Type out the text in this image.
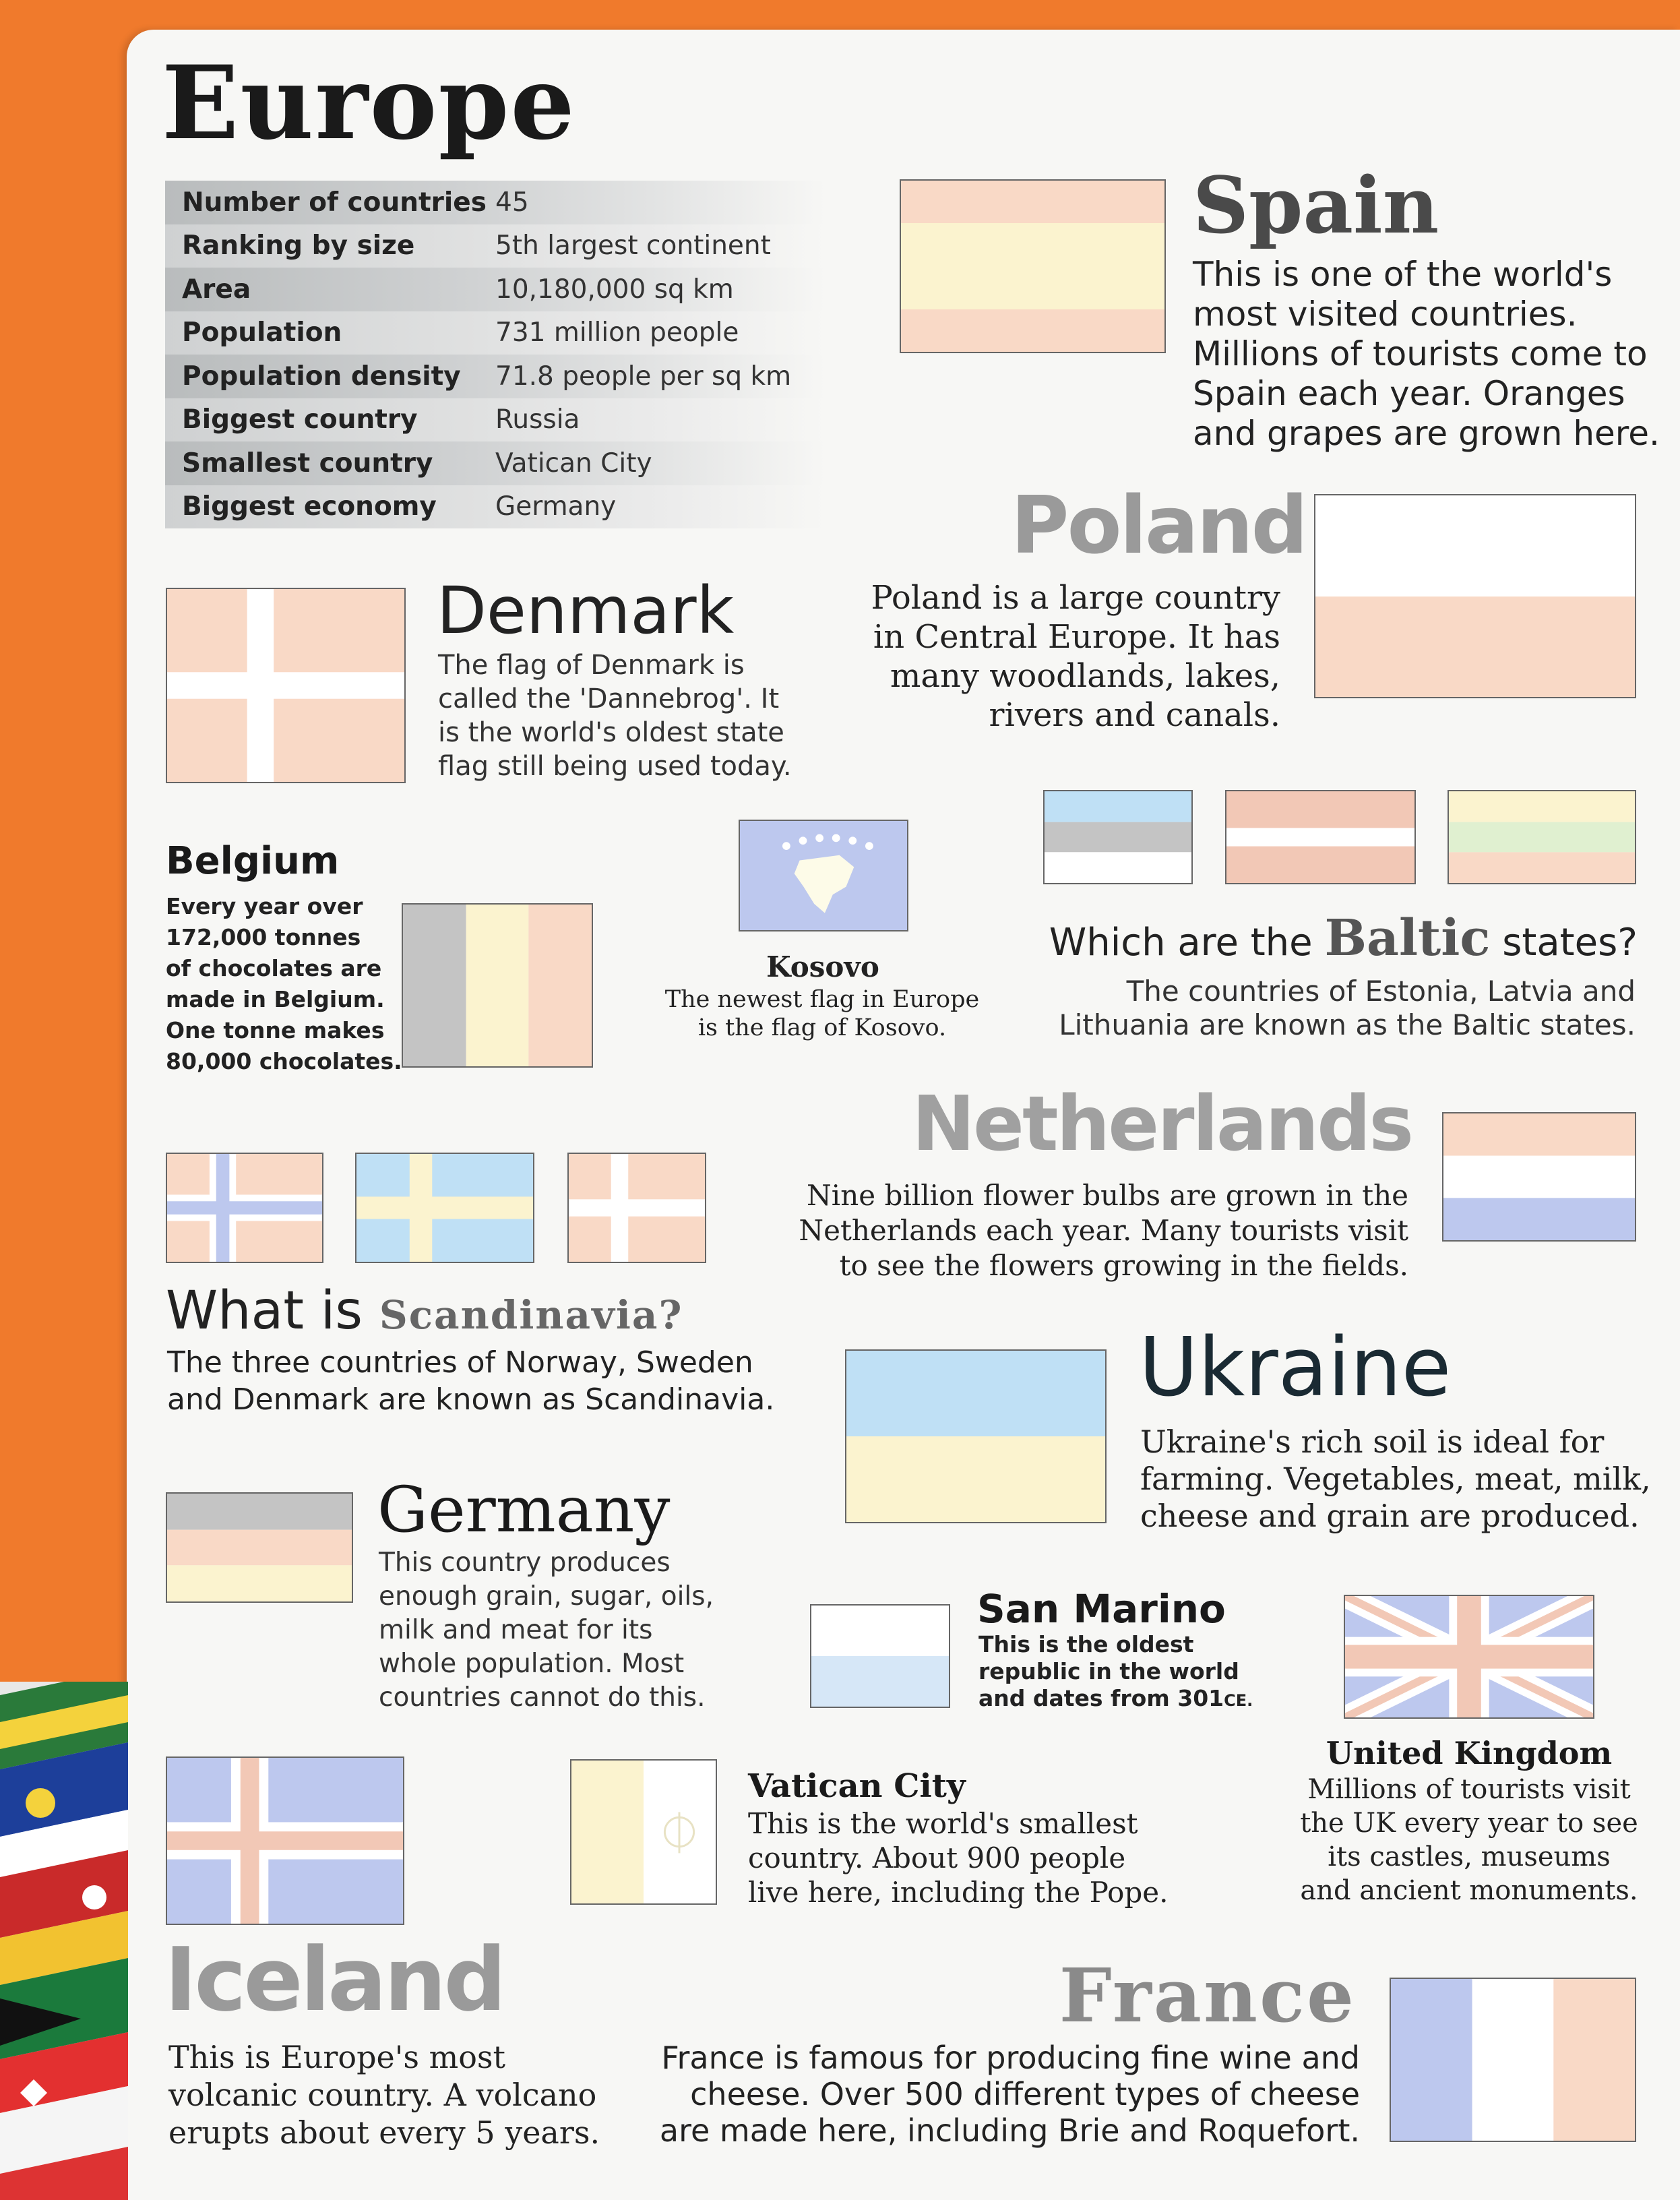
Europe
Number of countries 45
Ranking by size	5th largest continent
Area	10,180,000 sq km
Population	731 million people
Population density	71.8 people per sq km
Biggest country	Russia
Smallest country	Vatican City
Biggest economy	Germany
Spain
This is one of the world's
most visited countries.
Millions of tourists come to
Spain each year. Oranges
and grapes are grown here.
Poland
Poland is a large country
in Central Europe. It has
many woodlands, lakes,
rivers and canals.
Denmark
The flag of Denmark is
called the 'Dannebrog'. It
is the world's oldest state
flag still being used today.
Belgium
Every year over
172,000 tonnes
of chocolates are
made in Belgium.
One tonne makes
80,000 chocolates.
Kosovo
The newest flag in Europe
is the flag of Kosovo.
Which are the Baltic states?
The countries of Estonia, Latvia and
Lithuania are known as the Baltic states.
Netherlands
Nine billion flower bulbs are grown in the
Netherlands each year. Many tourists visit
to see the flowers growing in the fields.
What is Scandinavia?
The three countries of Norway, Sweden
and Denmark are known as Scandinavia.	Ukraine
Ukraine's rich soil is ideal for
farming. Vegetables, meat, milk,
cheese and grain are produced.
Germany
This country produces
enough grain, sugar, oils,
milk and meat for its
whole population. Most
countries cannot do this.
San Marino
This is the oldest
republic in the world
and dates from 301CE.
United Kingdom
Millions of tourists visit
the UK every year to see
its castles, museums
and ancient monuments.
Iceland
This is Europe's most
volcanic country. A volcano
erupts about every 5 years.
Vatican City
This is the world's smallest
country. About 900 people
live here, including the Pope.
France
France is famous for producing fine wine and
cheese. Over 500 different types of cheese
are made here, including Brie and Roquefort.
